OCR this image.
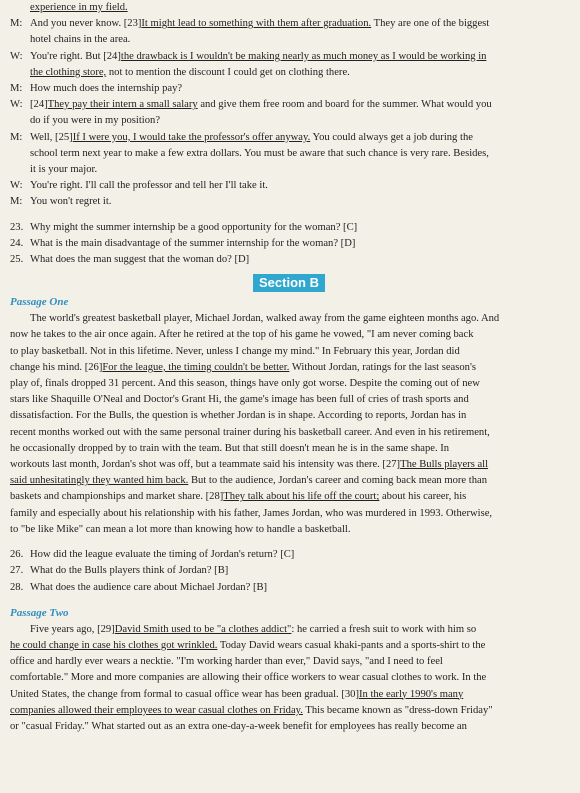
experience in my field.
M: And you never know. [23]It might lead to something with them after graduation. They are one of the biggest
hotel chains in the area.
W: You're right. But [24]the drawback is I wouldn't be making nearly as much money as I would be working in
the clothing store, not to mention the discount I could get on clothing there.
M: How much does the internship pay?
W: [24]They pay their intern a small salary and give them free room and board for the summer. What would you
do if you were in my position?
M: Well, [25]If I were you, I would take the professor's offer anyway. You could always get a job during the
school term next year to make a few extra dollars. You must be aware that such chance is very rare. Besides,
it is your major.
W: You're right. I'll call the professor and tell her I'll take it.
M: You won't regret it.
23. Why might the summer internship be a good opportunity for the woman? [C]
24. What is the main disadvantage of the summer internship for the woman? [D]
25. What does the man suggest that the woman do? [D]
Section B
Passage One
The world's greatest basketball player, Michael Jordan, walked away from the game eighteen months ago. And
now he takes to the air once again. After he retired at the top of his game he vowed, "I am never coming back
to play basketball. Not in this lifetime. Never, unless I change my mind." In February this year, Jordan did
change his mind. [26]For the league, the timing couldn't be better. Without Jordan, ratings for the last season's
play of, finals dropped 31 percent. And this season, things have only got worse. Despite the coming out of new
stars like Shaquille O'Neal and Doctor's Grant Hi, the game's image has been full of cries of trash sports and
dissatisfaction. For the Bulls, the question is whether Jordan is in shape. According to reports, Jordan has in
recent months worked out with the same personal trainer during his basketball career. And even in his retirement,
he occasionally dropped by to train with the team. But that still doesn't mean he is in the same shape. In
workouts last month, Jordan's shot was off, but a teammate said his intensity was there. [27]The Bulls players all
said unhesitatingly they wanted him back. But to the audience, Jordan's career and coming back mean more than
baskets and championships and market share. [28]They talk about his life off the court; about his career, his
family and especially about his relationship with his father, James Jordan, who was murdered in 1993. Otherwise,
to "be like Mike" can mean a lot more than knowing how to handle a basketball.
26. How did the league evaluate the timing of Jordan's return? [C]
27. What do the Bulls players think of Jordan? [B]
28. What does the audience care about Michael Jordan? [B]
Passage Two
Five years ago, [29]David Smith used to be "a clothes addict": he carried a fresh suit to work with him so
he could change in case his clothes got wrinkled. Today David wears casual khaki-pants and a sports-shirt to the
office and hardly ever wears a necktie. "I'm working harder than ever," David says, "and I need to feel
comfortable." More and more companies are allowing their office workers to wear casual clothes to work. In the
United States, the change from formal to casual office wear has been gradual. [30]In the early 1990's many
companies allowed their employees to wear casual clothes on Friday. This became known as "dress-down Friday"
or "casual Friday." What started out as an extra one-day-a-week benefit for employees has really become an
